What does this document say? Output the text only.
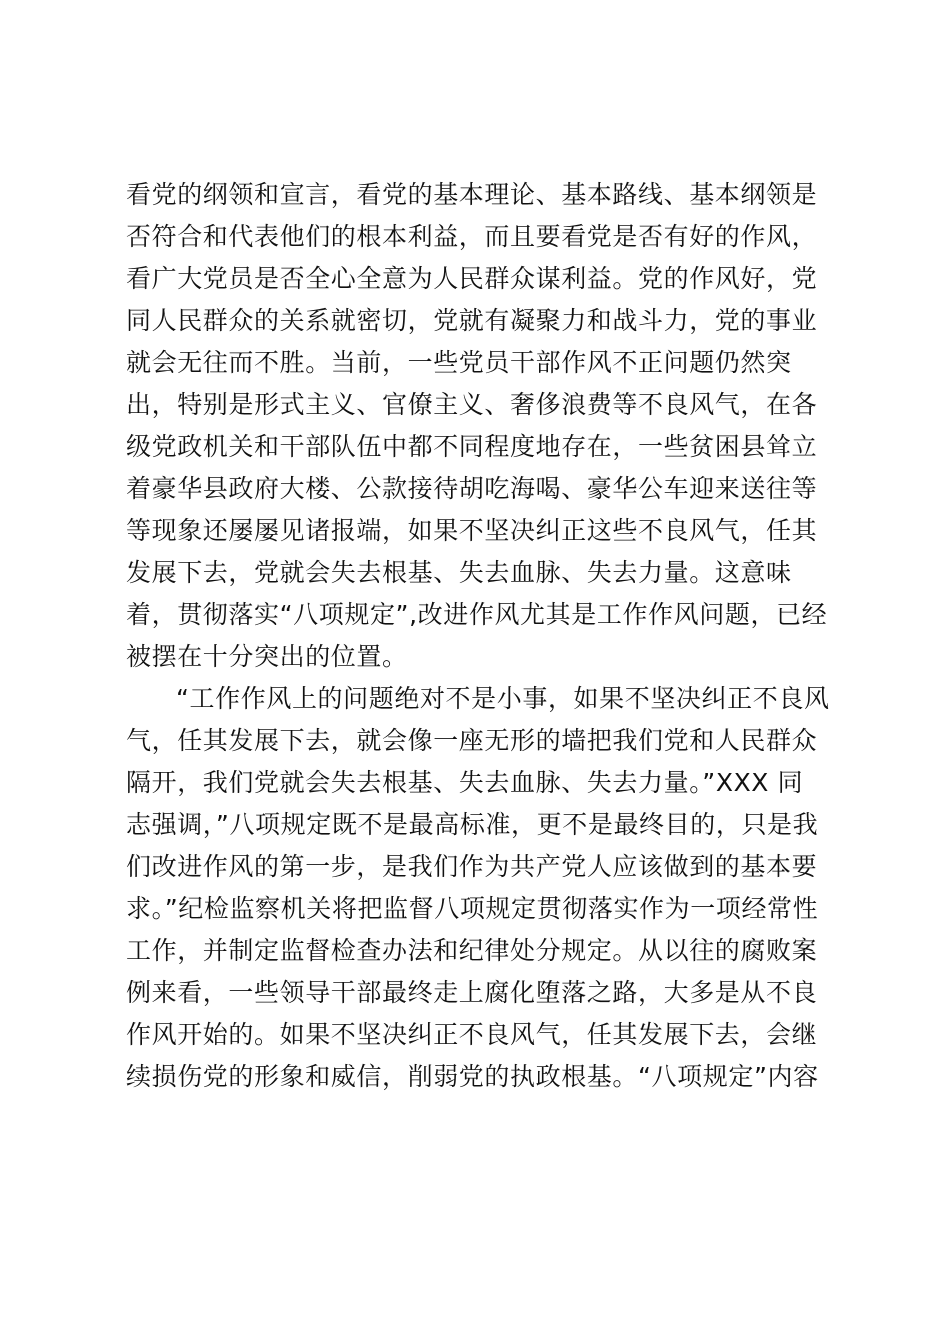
看党的纲领和宣言，看党的基本理论、基本路线、基本纲领是
否符合和代表他们的根本利益，而且要看党是否有好的作风，
看广大党员是否全心全意为人民群众谋利益。党的作风好，党
同人民群众的关系就密切，党就有凝聚力和战斗力，党的事业
就会无往而不胜。当前，一些党员干部作风不正问题仍然突
出，特别是形式主义、官僚主义、奢侈浪费等不良风气，在各
级党政机关和干部队伍中都不同程度地存在，一些贫困县耸立
着豪华县政府大楼、公款接待胡吃海喝、豪华公车迎来送往等
等现象还屡屡见诸报端，如果不坚决纠正这些不良风气，任其
发展下去，党就会失去根基、失去血脉、失去力量。这意味
着，贯彻落实“八项规定”,改进作风尤其是工作作风问题，已经
被摆在十分突出的位置。
“工作作风上的问题绝对不是小事，如果不坚决纠正不良风
气，任其发展下去，就会像一座无形的墙把我们党和人民群众
隔开，我们党就会失去根基、失去血脉、失去力量。”XXX 同
志强调，”八项规定既不是最高标准，更不是最终目的，只是我
们改进作风的第一步，是我们作为共产党人应该做到的基本要
求。”纪检监察机关将把监督八项规定贯彻落实作为一项经常性
工作，并制定监督检查办法和纪律处分规定。从以往的腐败案
例来看，一些领导干部最终走上腐化堕落之路，大多是从不良
作风开始的。如果不坚决纠正不良风气，任其发展下去，会继
续损伤党的形象和威信，削弱党的执政根基。“八项规定”内容
